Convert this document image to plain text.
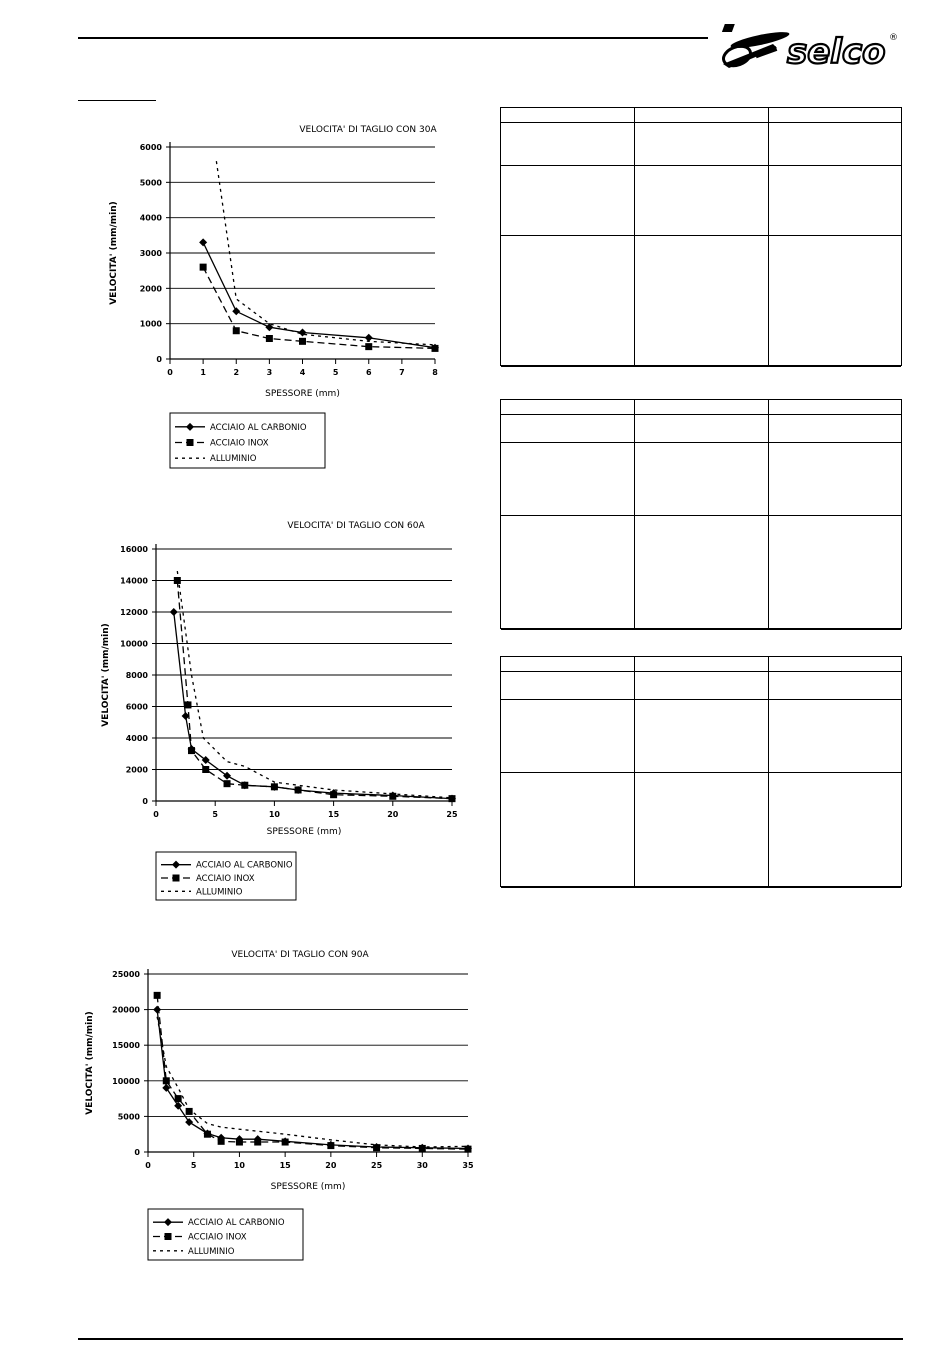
selco ®
VELOCITA' DI TAGLIO CON 30A
0
1000
2000
3000
4000
5000
6000
0	1	2	3	4	5	6	7	8
SPESSORE (mm)
VELOCITA' (mm/min)
ACCIAIO AL CARBONIO
ACCIAIO INOX
ALLUMINIO
VELOCITA' DI TAGLIO CON 60A
0
2000
4000
6000
8000
10000
12000
14000
16000
0	5	10	15	20	25
SPESSORE (mm)
VELOCITA' (mm/min)
ACCIAIO AL CARBONIO
ACCIAIO INOX
ALLUMINIO
VELOCITA' DI TAGLIO CON 90A
0
5000
10000
15000
20000
25000
0	5	10	15	20	25	30	35
SPESSORE (mm)
VELOCITA' (mm/min)
ACCIAIO AL CARBONIO
ACCIAIO INOX
ALLUMINIO
